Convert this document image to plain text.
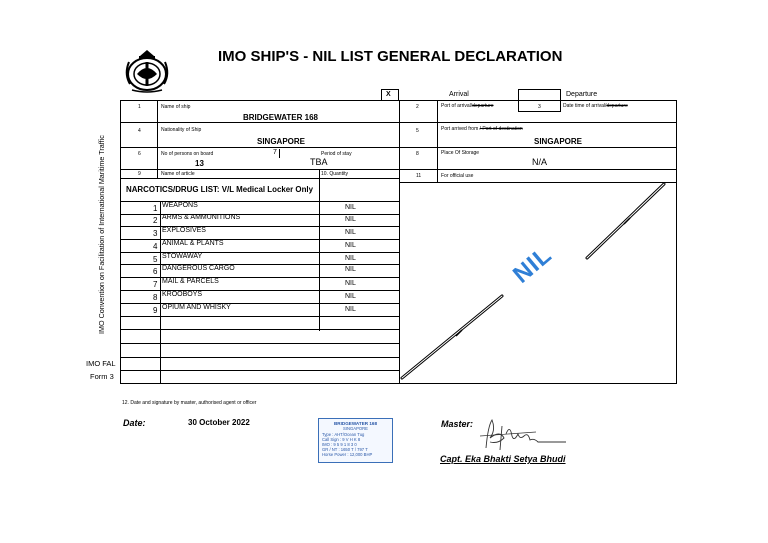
IMO SHIP'S - NIL LIST GENERAL DECLARATION
IMO Convention on Facilitation of International Maritime Traffic	NIL
X	Arrival	Departure
1	Name of ship
BRIDGEWATER 168
2	Port of arrival/departure	3	Date time of arrival/departure
4	Nationality of Ship
SINGAPORE
5	Port arrived from / Port of destination
SINGAPORE
6	No of persons on board
13
7	Period of stay
TBA
8	Place Of Storage
N/A
9	Name of article	10. Quantity	11	For official use
NARCOTICS/DRUG LIST: V/L Medical Locker Only
1 WEAPONS	NIL
2 ARMS & AMMUNITIONS	NIL
3 EXPLOSIVES	NIL
4 ANIMAL & PLANTS	NIL
5 STOWAWAY	NIL
6 DANGEROUS CARGO	NIL
7 MAIL & PARCELS	NIL
8 KROOBOYS	NIL
9 OPIUM AND WHISKY	NIL
IMO FAL
Form 3
12. Date and signature by master, authorised agent or officer
Date:	30 October 2022	BRIDGEWATER 168
SINGAPORE
Type : AHT/Ocean Tug
Call Sign : 9 V H K 8
IMO : 9 5 9 1 8 3 0
GR / NT : 1650 T / 797 T
Horse Power : 12,000 BHP
Master:
Capt. Eka Bhakti Setya Bhudi
